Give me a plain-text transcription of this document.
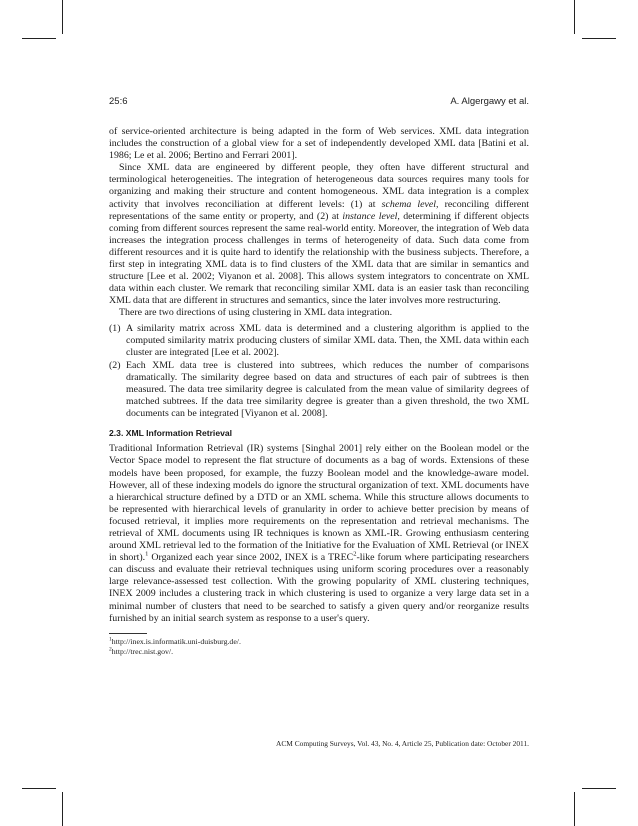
25:6	A. Algergawy et al.

of service-oriented architecture is being adapted in the form of Web services. XML data integration includes the construction of a global view for a set of independently developed XML data [Batini et al. 1986; Le et al. 2006; Bertino and Ferrari 2001].

Since XML data are engineered by different people, they often have different structural and terminological heterogeneities. The integration of heterogeneous data sources requires many tools for organizing and making their structure and content homogeneous. XML data integration is a complex activity that involves reconciliation at different levels: (1) at schema level, reconciling different representations of the same entity or property, and (2) at instance level, determining if different objects coming from different sources represent the same real-world entity. Moreover, the integration of Web data increases the integration process challenges in terms of heterogeneity of data. Such data come from different resources and it is quite hard to identify the relationship with the business subjects. Therefore, a first step in integrating XML data is to find clusters of the XML data that are similar in semantics and structure [Lee et al. 2002; Viyanon et al. 2008]. This allows system integrators to concentrate on XML data within each cluster. We remark that reconciling similar XML data is an easier task than reconciling XML data that are different in structures and semantics, since the later involves more restructuring.

There are two directions of using clustering in XML data integration.

(1) A similarity matrix across XML data is determined and a clustering algorithm is applied to the computed similarity matrix producing clusters of similar XML data. Then, the XML data within each cluster are integrated [Lee et al. 2002].
(2) Each XML data tree is clustered into subtrees, which reduces the number of comparisons dramatically. The similarity degree based on data and structures of each pair of subtrees is then measured. The data tree similarity degree is calculated from the mean value of similarity degrees of matched subtrees. If the data tree similarity degree is greater than a given threshold, the two XML documents can be integrated [Viyanon et al. 2008].
2.3. XML Information Retrieval

Traditional Information Retrieval (IR) systems [Singhal 2001] rely either on the Boolean model or the Vector Space model to represent the flat structure of documents as a bag of words. Extensions of these models have been proposed, for example, the fuzzy Boolean model and the knowledge-aware model. However, all of these indexing models do ignore the structural organization of text. XML documents have a hierarchical structure defined by a DTD or an XML schema. While this structure allows documents to be represented with hierarchical levels of granularity in order to achieve better precision by means of focused retrieval, it implies more requirements on the representation and retrieval mechanisms. The retrieval of XML documents using IR techniques is known as XML-IR. Growing enthusiasm centering around XML retrieval led to the formation of the Initiative for the Evaluation of XML Retrieval (or INEX in short).$^1$ Organized each year since 2002, INEX is a TREC$^2$-like forum where participating researchers can discuss and evaluate their retrieval techniques using uniform scoring procedures over a reasonably large relevance-assessed test collection. With the growing popularity of XML clustering techniques, INEX 2009 includes a clustering track in which clustering is used to organize a very large data set in a minimal number of clusters that need to be searched to satisfy a given query and/or reorganize results furnished by an initial search system as response to a user's query.

$^1$http://inex.is.informatik.uni-duisburg.de/.
$^2$http://trec.nist.gov/.
ACM Computing Surveys, Vol. 43, No. 4, Article 25, Publication date: October 2011.
